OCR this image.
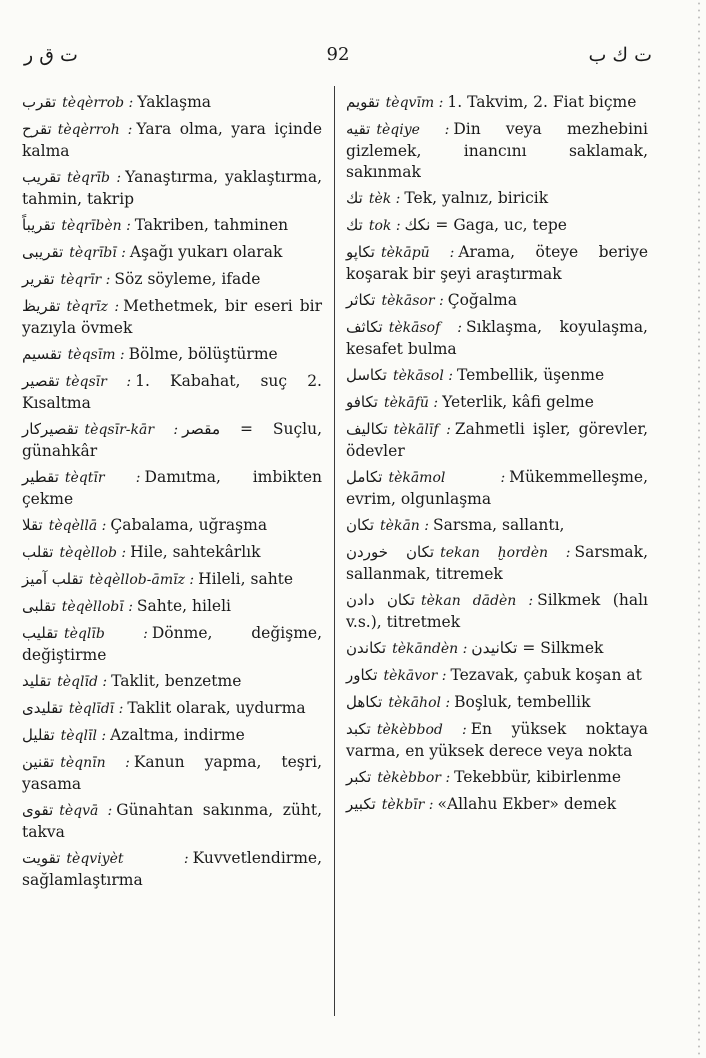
ت ق ر	92	ت ك ب
تقرب tèqèrrob : Yaklaşma
تقرح tèqèrroh : Yara olma, yara içinde kalma
تقريب tèqrīb : Yanaştırma, yaklaştırma, tahmin, takrip
تقريباً tèqrībèn : Takriben, tahminen
تقريبى tèqrībī : Aşağı yukarı olarak
تقرير tèqrīr : Söz söyleme, ifade
تقريظ tèqrīz : Methetmek, bir eseri bir yazıyla övmek
تقسيم tèqsīm : Bölme, bölüştürme
تقصير tèqsīr : 1. Kabahat, suç 2. Kısaltma
تقصيركار tèqsīr-kār : مقصر = Suçlu, günahkâr
تقطير tèqtīr : Damıtma, imbikten çekme
تقلا tèqèllā : Çabalama, uğraşma
تقلب tèqèllob : Hile, sahtekârlık
تقلب آميز tèqèllob-āmīz : Hileli, sahte
تقلبى tèqèllobī : Sahte, hileli
تقليب tèqlīb : Dönme, değişme, değiştirme
تقليد tèqlīd : Taklit, benzetme
تقليدى tèqlīdī : Taklit olarak, uydurma
تقليل tèqlīl : Azaltma, indirme
تقنين tèqnīn : Kanun yapma, teşri, yasama
تقوى tèqvā : Günahtan sakınma, züht, takva
تقويت tèqviyèt : Kuvvetlendirme, sağlamlaştırma
تقويم tèqvīm : 1. Takvim, 2. Fiat biçme
تقيه tèqiye : Din veya mezhebini gizlemek, inancını saklamak, sakınmak
تك tèk : Tek, yalnız, biricik
تك tok : نكك = Gaga, uc, tepe
تكاپو tèkāpū : Arama, öteye beriye koşarak bir şeyi araştırmak
تكاثر tèkāsor : Çoğalma
تكاثف tèkāsof : Sıklaşma, koyulaşma, kesafet bulma
تكاسل tèkāsol : Tembellik, üşenme
تكافو tèkāfū : Yeterlik, kâfi gelme
تكاليف tèkālīf : Zahmetli işler, görevler, ödevler
تكامل tèkāmol : Mükemmelleşme, evrim, olgunlaşma
تكان tèkān : Sarsma, sallantı,
تكان خوردن tekan ḫordèn : Sarsmak, sallanmak, titremek
تكان دادن tèkan dādèn : Silkmek (halı v.s.), titretmek
تكاندن tèkāndèn : تكانيدن = Silkmek
تكاور tèkāvor : Tezavak, çabuk koşan at
تكاهل tèkāhol : Boşluk, tembellik
تكبد tèkèbbod : En yüksek noktaya varma, en yüksek derece veya nokta
تكبر tèkèbbor : Tekebbür, kibirlenme
تكبير tèkbīr : «Allahu Ekber» demek
